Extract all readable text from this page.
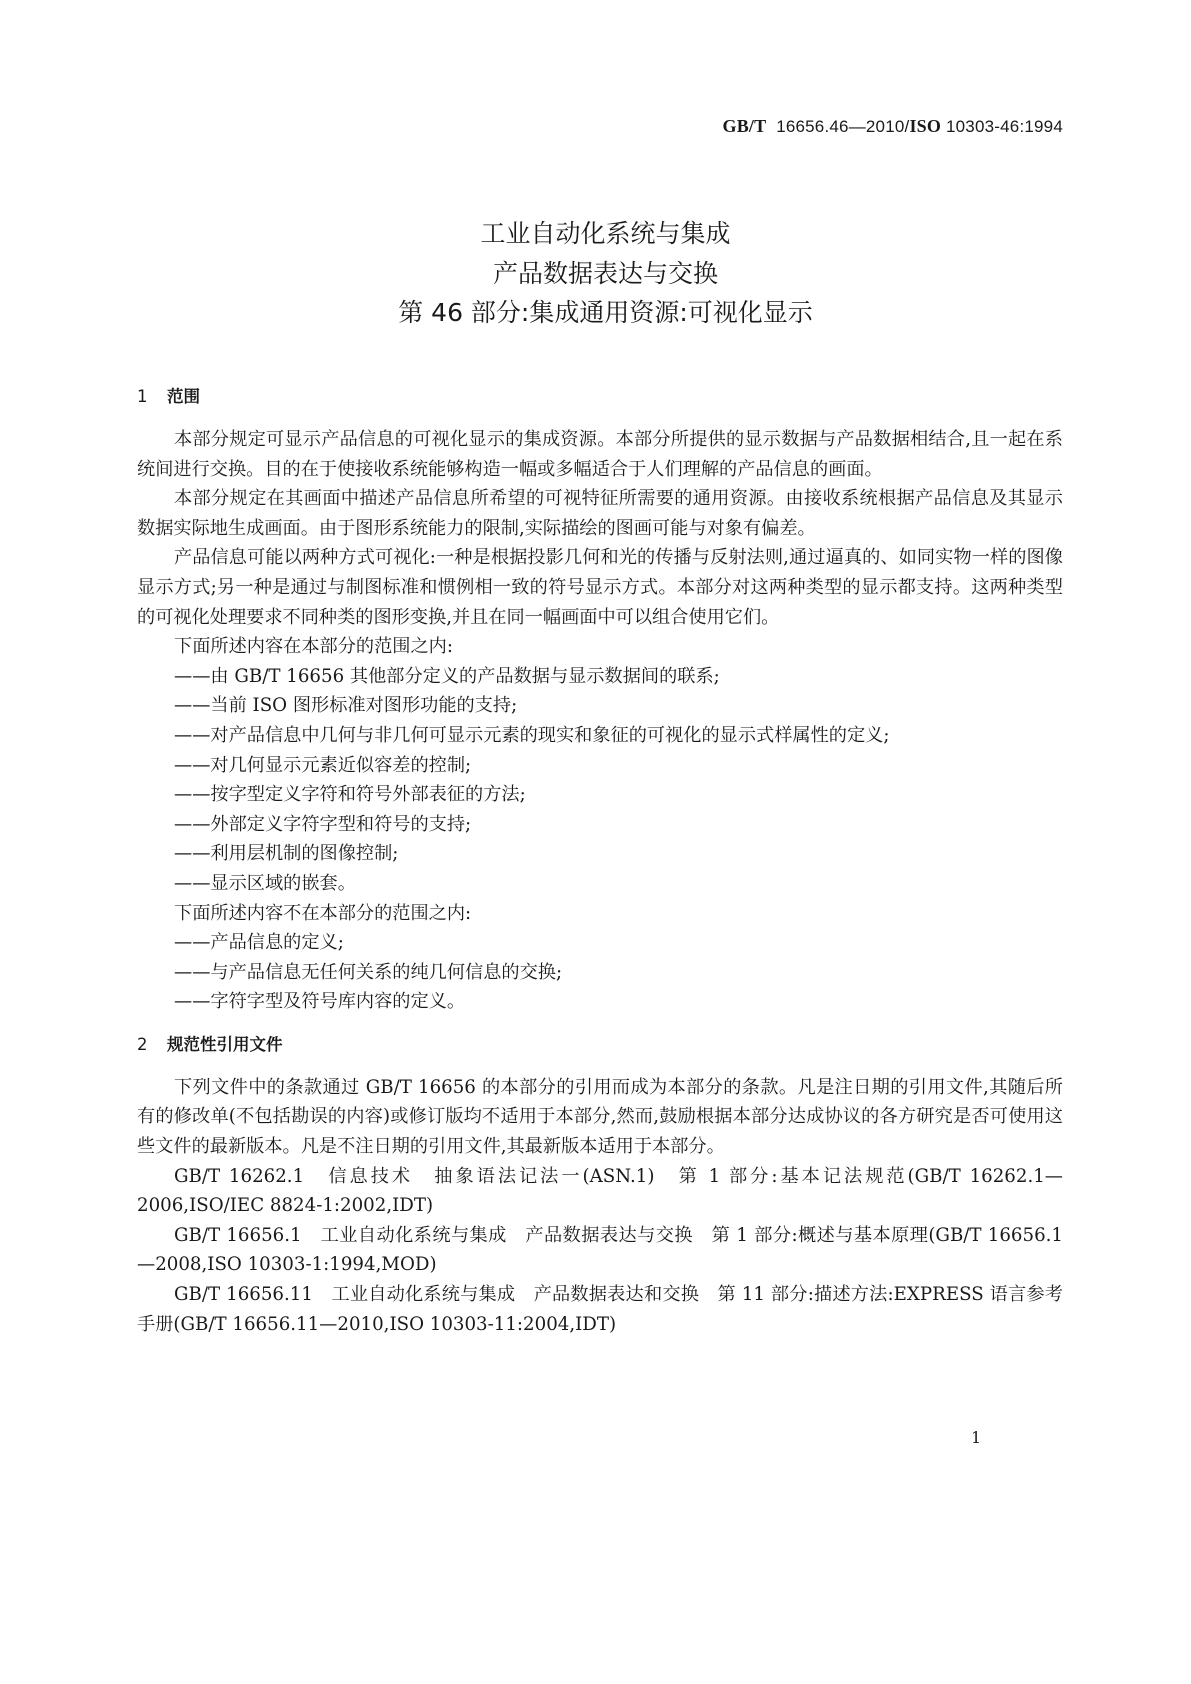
GB/T 16656.46—2010/ISO 10303-46:1994
工业自动化系统与集成
产品数据表达与交换
第 46 部分:集成通用资源:可视化显示
1 范围

本部分规定可显示产品信息的可视化显示的集成资源。本部分所提供的显示数据与产品数据相结合,且一起在系统间进行交换。目的在于使接收系统能够构造一幅或多幅适合于人们理解的产品信息的画面。

本部分规定在其画面中描述产品信息所希望的可视特征所需要的通用资源。由接收系统根据产品信息及其显示数据实际地生成画面。由于图形系统能力的限制,实际描绘的图画可能与对象有偏差。

产品信息可能以两种方式可视化:一种是根据投影几何和光的传播与反射法则,通过逼真的、如同实物一样的图像显示方式;另一种是通过与制图标准和惯例相一致的符号显示方式。本部分对这两种类型的显示都支持。这两种类型的可视化处理要求不同种类的图形变换,并且在同一幅画面中可以组合使用它们。

下面所述内容在本部分的范围之内:

——由 GB/T 16656 其他部分定义的产品数据与显示数据间的联系;

——当前 ISO 图形标准对图形功能的支持;

——对产品信息中几何与非几何可显示元素的现实和象征的可视化的显示式样属性的定义;

——对几何显示元素近似容差的控制;

——按字型定义字符和符号外部表征的方法;

——外部定义字符字型和符号的支持;

——利用层机制的图像控制;

——显示区域的嵌套。

下面所述内容不在本部分的范围之内:

——产品信息的定义;

——与产品信息无任何关系的纯几何信息的交换;

——字符字型及符号库内容的定义。

2 规范性引用文件

下列文件中的条款通过 GB/T 16656 的本部分的引用而成为本部分的条款。凡是注日期的引用文件,其随后所有的修改单(不包括勘误的内容)或修订版均不适用于本部分,然而,鼓励根据本部分达成协议的各方研究是否可使用这些文件的最新版本。凡是不注日期的引用文件,其最新版本适用于本部分。

GB/T 16262.1　信息技术　抽象语法记法一(ASN.1)　第 1 部分:基本记法规范(GB/T 16262.1—2006,ISO/IEC 8824-1:2002,IDT)

GB/T 16656.1　工业自动化系统与集成　产品数据表达与交换　第 1 部分:概述与基本原理(GB/T 16656.1—2008,ISO 10303-1:1994,MOD)

GB/T 16656.11　工业自动化系统与集成　产品数据表达和交换　第 11 部分:描述方法:EXPRESS 语言参考手册(GB/T 16656.11—2010,ISO 10303-11:2004,IDT)

1
